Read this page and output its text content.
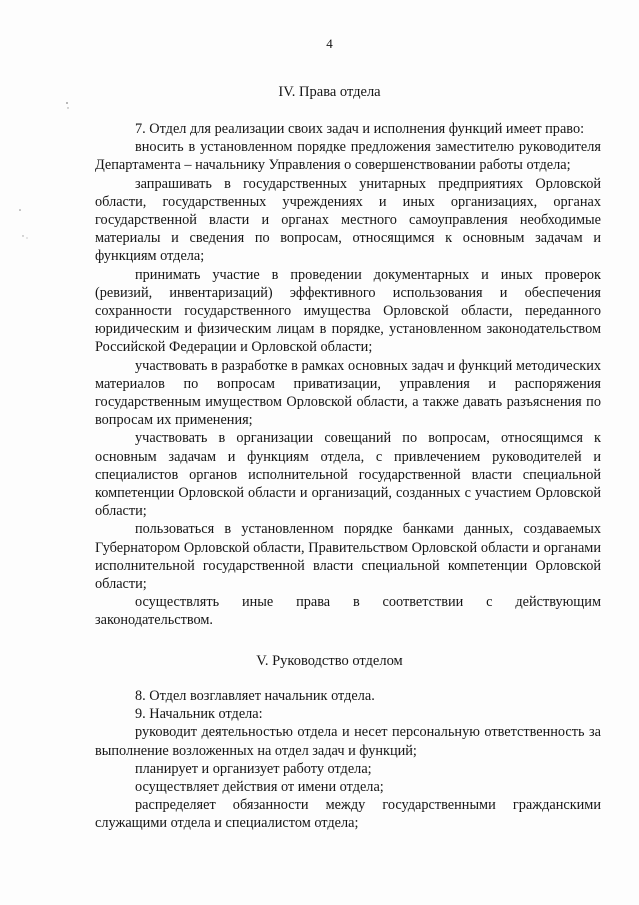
4
IV. Права отдела

7. Отдел для реализации своих задач и исполнения функций имеет право:

вносить в установленном порядке предложения заместителю руководителя Департамента – начальнику Управления о совершенствовании работы отдела;

запрашивать в государственных унитарных предприятиях Орловской области, государственных учреждениях и иных организациях, органах государственной власти и органах местного самоуправления необходимые материалы и сведения по вопросам, относящимся к основным задачам и функциям отдела;

принимать участие в проведении документарных и иных проверок (ревизий, инвентаризаций) эффективного использования и обеспечения сохранности государственного имущества Орловской области, переданного юридическим и физическим лицам в порядке, установленном законодательством Российской Федерации и Орловской области;

участвовать в разработке в рамках основных задач и функций методических материалов по вопросам приватизации, управления и распоряжения государственным имуществом Орловской области, а также давать разъяснения по вопросам их применения;

участвовать в организации совещаний по вопросам, относящимся к основным задачам и функциям отдела, с привлечением руководителей и специалистов органов исполнительной государственной власти специальной компетенции Орловской области и организаций, созданных с участием Орловской области;

пользоваться в установленном порядке банками данных, создаваемых Губернатором Орловской области, Правительством Орловской области и органами исполнительной государственной власти специальной компетенции Орловской области;

осуществлять иные права в соответствии с действующим законодательством.

V. Руководство отделом

8. Отдел возглавляет начальник отдела.

9. Начальник отдела:

руководит деятельностью отдела и несет персональную ответственность за выполнение возложенных на отдел задач и функций;

планирует и организует работу отдела;

осуществляет действия от имени отдела;

распределяет обязанности между государственными гражданскими служащими отдела и специалистом отдела;
